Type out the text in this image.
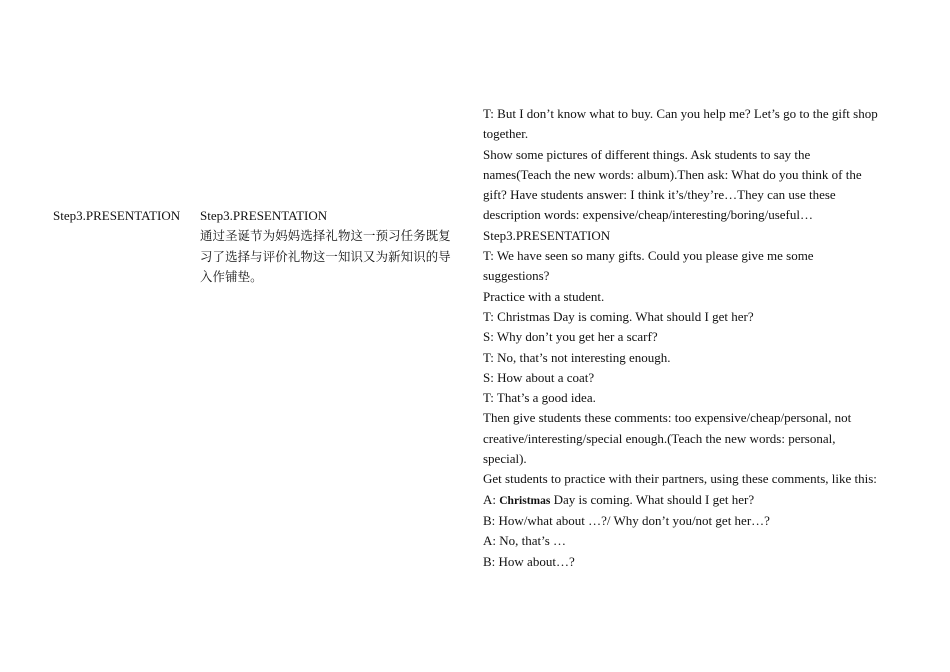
Step3.PRESENTATION Step3.PRESENTATION
通过圣诞节为妈妈选择礼物这一预习任务既复
习了选择与评价礼物这一知识又为新知识的导
入作铺垫。
T: But I don’t know what to buy. Can you help me? Let’s go to the gift shop
together.
Show some pictures of different things. Ask students to say the
names(Teach the new words: album).Then ask: What do you think of the
gift? Have students answer: I think it’s/they’re…They can use these
description words: expensive/cheap/interesting/boring/useful…
Step3.PRESENTATION
T: We have seen so many gifts. Could you please give me some
suggestions?
Practice with a student.
T: Christmas Day is coming. What should I get her?
S: Why don’t you get her a scarf?
T: No, that’s not interesting enough.
S: How about a coat?
T: That’s a good idea.
Then give students these comments: too expensive/cheap/personal, not
creative/interesting/special enough.(Teach the new words: personal,
special).
Get students to practice with their partners, using these comments, like this:
A: Christmas Day is coming. What should I get her?
B: How/what about …?/ Why don’t you/not get her…?
A: No, that’s …
B: How about…?
